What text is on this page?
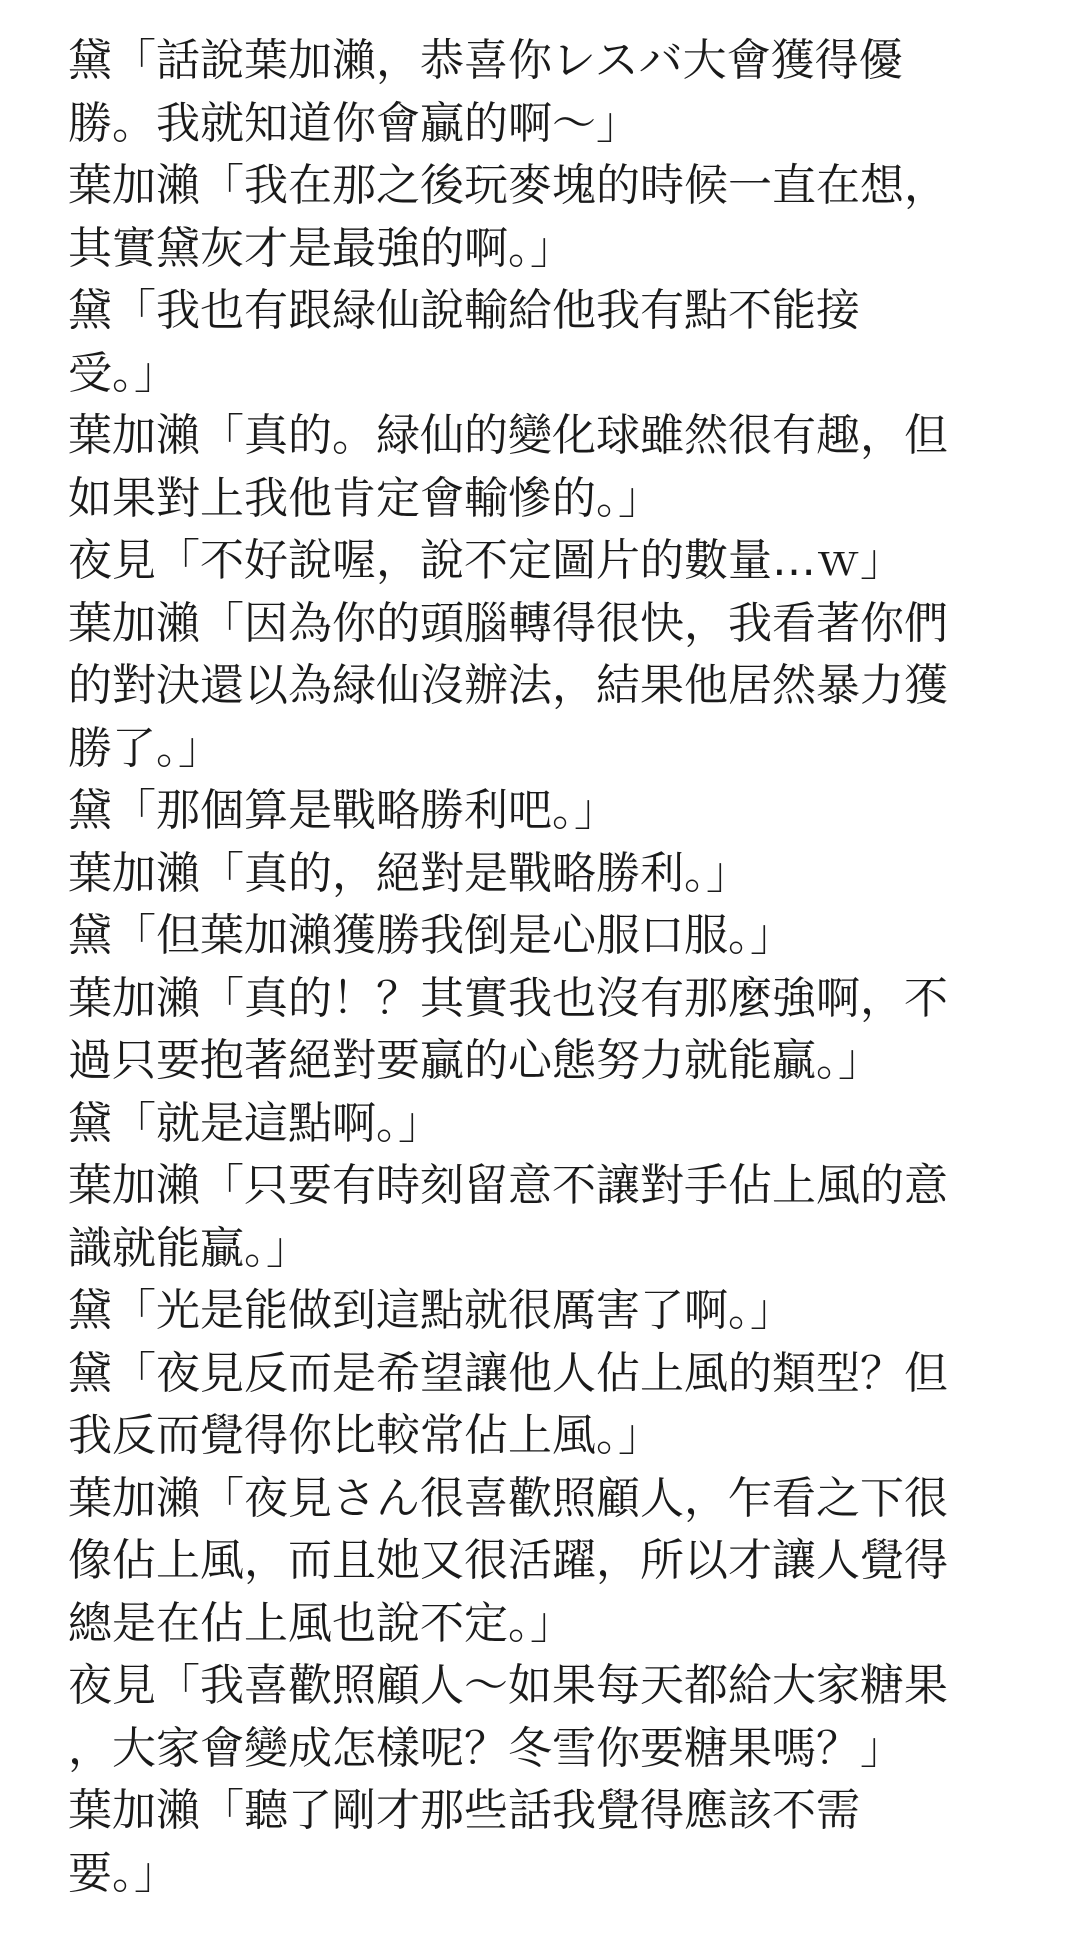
黛「話說葉加瀨，恭喜你レスバ大會獲得優

勝。我就知道你會贏的啊～」

葉加瀨「我在那之後玩麥塊的時候一直在想，

其實黛灰才是最強的啊。」

黛「我也有跟緑仙說輸給他我有點不能接

受。」

葉加瀨「真的。緑仙的變化球雖然很有趣，但

如果對上我他肯定會輸慘的。」

夜見「不好說喔，說不定圖片的數量…ｗ」

葉加瀨「因為你的頭腦轉得很快，我看著你們

的對決還以為緑仙沒辦法，結果他居然暴力獲

勝了。」

黛「那個算是戰略勝利吧。」

葉加瀨「真的，絕對是戰略勝利。」

黛「但葉加瀨獲勝我倒是心服口服。」

葉加瀨「真的！？其實我也沒有那麼強啊，不

過只要抱著絕對要贏的心態努力就能贏。」

黛「就是這點啊。」

葉加瀨「只要有時刻留意不讓對手佔上風的意

識就能贏。」

黛「光是能做到這點就很厲害了啊。」

黛「夜見反而是希望讓他人佔上風的類型？但

我反而覺得你比較常佔上風。」

葉加瀨「夜見さん很喜歡照顧人，乍看之下很

像佔上風，而且她又很活躍，所以才讓人覺得

總是在佔上風也說不定。」

夜見「我喜歡照顧人～如果每天都給大家糖果

，大家會變成怎樣呢？冬雪你要糖果嗎？」

葉加瀨「聽了剛才那些話我覺得應該不需

要。」
